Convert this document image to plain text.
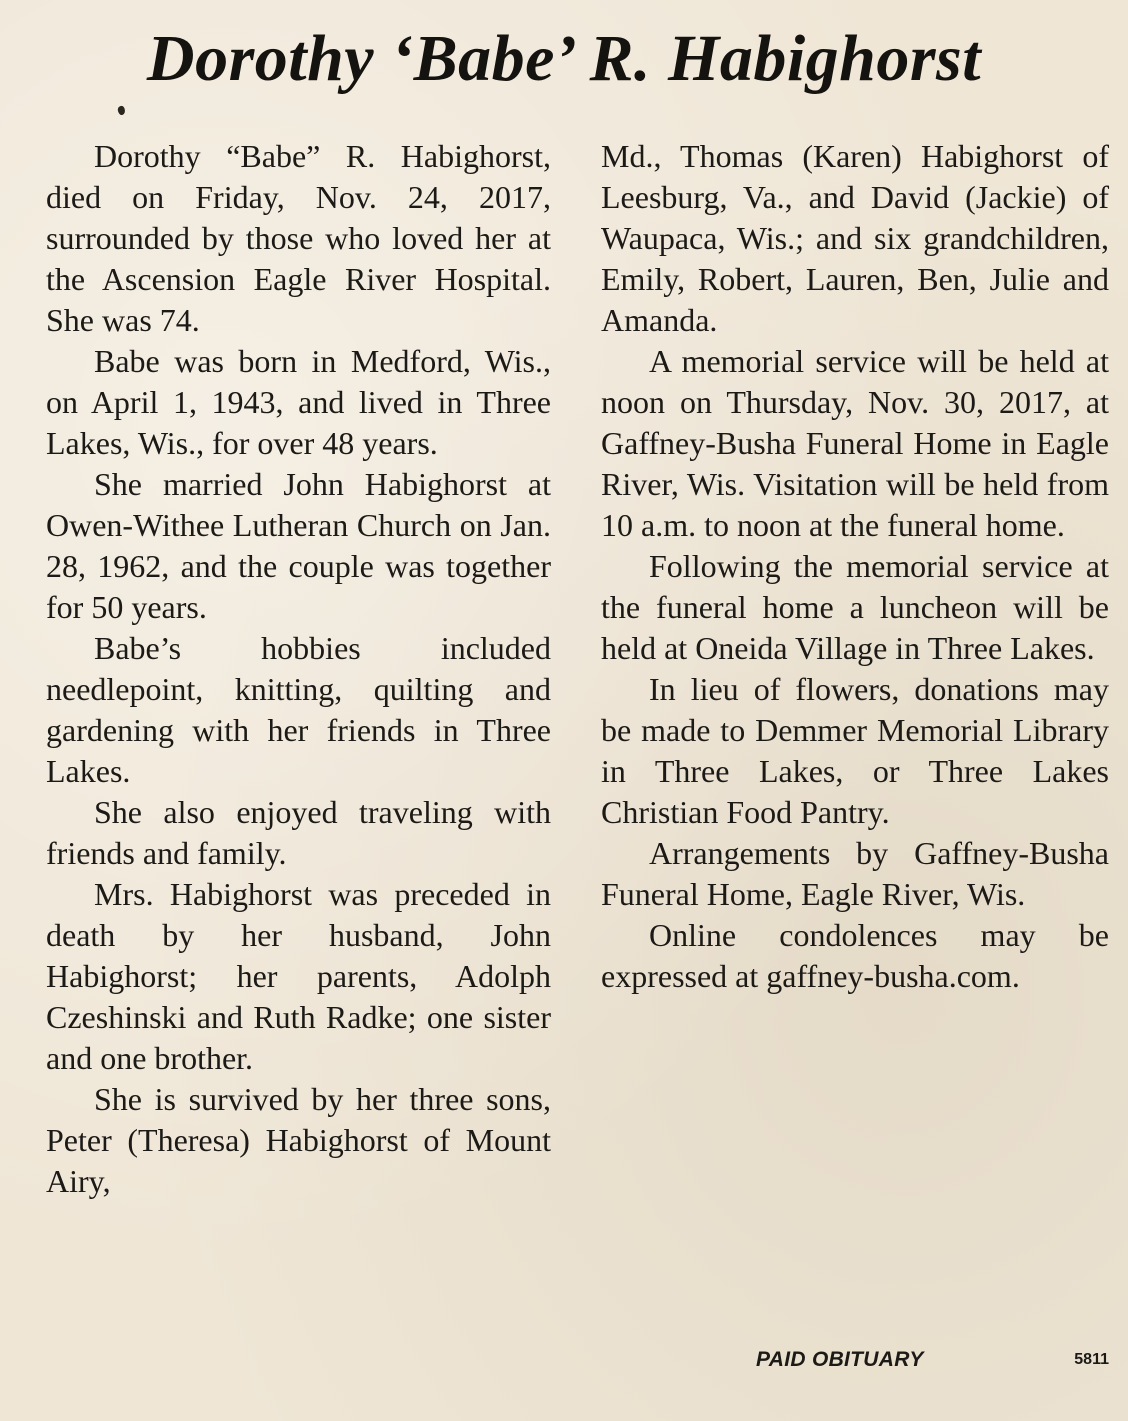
Dorothy ‘Babe’ R. Habighorst

Dorothy “Babe” R. Habighorst, died on Friday, Nov. 24, 2017, surrounded by those who loved her at the Ascension Eagle River Hospital. She was 74.

Babe was born in Medford, Wis., on April 1, 1943, and lived in Three Lakes, Wis., for over 48 years.

She married John Habighorst at Owen-Withee Lutheran Church on Jan. 28, 1962, and the couple was together for 50 years.

Babe’s hobbies included needlepoint, knitting, quilting and gardening with her friends in Three Lakes.

She also enjoyed traveling with friends and family.

Mrs. Habighorst was preceded in death by her husband, John Habighorst; her parents, Adolph Czeshinski and Ruth Radke; one sister and one brother.

She is survived by her three sons, Peter (Theresa) Habighorst of Mount Airy,

Md., Thomas (Karen) Habighorst of Leesburg, Va., and David (Jackie) of Waupaca, Wis.; and six grandchildren, Emily, Robert, Lauren, Ben, Julie and Amanda.

A memorial service will be held at noon on Thursday, Nov. 30, 2017, at Gaffney-Busha Funeral Home in Eagle River, Wis. Visitation will be held from 10 a.m. to noon at the funeral home.

Following the memorial service at the funeral home a luncheon will be held at Oneida Village in Three Lakes.

In lieu of flowers, donations may be made to Demmer Memorial Library in Three Lakes, or Three Lakes Christian Food Pantry.

Arrangements by Gaffney-Busha Funeral Home, Eagle River, Wis.

Online condolences may be expressed at gaffney-busha.com.

PAID OBITUARY	5811
